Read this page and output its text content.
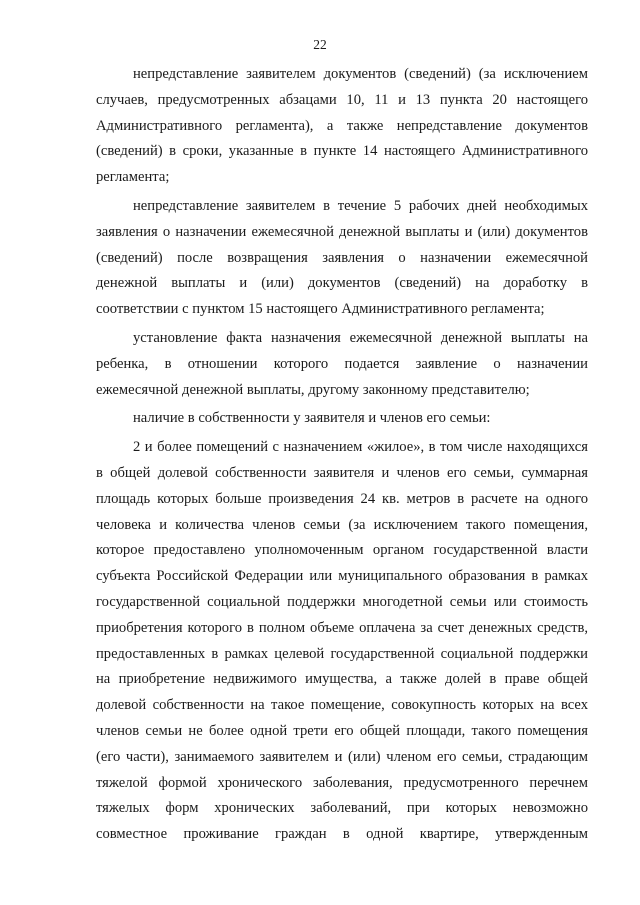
22
непредставление заявителем документов (сведений) (за исключением
случаев, предусмотренных абзацами 10, 11 и 13 пункта 20 настоящего
Административного регламента), а также непредставление документов
(сведений) в сроки, указанные в пункте 14 настоящего Административного
регламента;
непредставление заявителем в течение 5 рабочих дней необходимых
заявления о назначении ежемесячной денежной выплаты и (или) документов
(сведений) после возвращения заявления о назначении ежемесячной
денежной выплаты и (или) документов (сведений) на доработку в
соответствии с пунктом 15 настоящего Административного регламента;
установление факта назначения ежемесячной денежной выплаты на
ребенка, в отношении которого подается заявление о назначении
ежемесячной денежной выплаты, другому законному представителю;
наличие в собственности у заявителя и членов его семьи:
2 и более помещений с назначением «жилое», в том числе находящихся
в общей долевой собственности заявителя и членов его семьи, суммарная
площадь которых больше произведения 24 кв. метров в расчете на одного
человека и количества членов семьи (за исключением такого помещения,
которое предоставлено уполномоченным органом государственной власти
субъекта Российской Федерации или муниципального образования в рамках
государственной социальной поддержки многодетной семьи или стоимость
приобретения которого в полном объеме оплачена за счет денежных средств,
предоставленных в рамках целевой государственной социальной поддержки
на приобретение недвижимого имущества, а также долей в праве общей
долевой собственности на такое помещение, совокупность которых на всех
членов семьи не более одной трети его общей площади, такого помещения
(его части), занимаемого заявителем и (или) членом его семьи, страдающим
тяжелой формой хронического заболевания, предусмотренного перечнем
тяжелых форм хронических заболеваний, при которых невозможно
совместное проживание граждан в одной квартире, утвержденным
